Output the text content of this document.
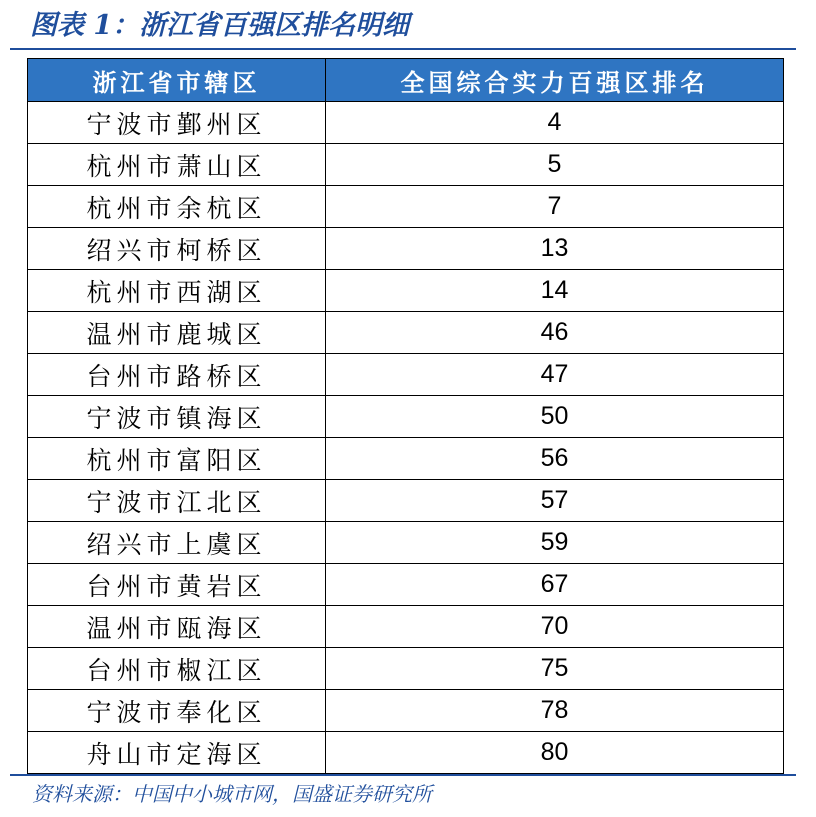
图表 1：浙江省百强区排名明细
浙江省市辖区	全国综合实力百强区排名
宁波市鄞州区	4
杭州市萧山区	5
杭州市余杭区	7
绍兴市柯桥区	13
杭州市西湖区	14
温州市鹿城区	46
台州市路桥区	47
宁波市镇海区	50
杭州市富阳区	56
宁波市江北区	57
绍兴市上虞区	59
台州市黄岩区	67
温州市瓯海区	70
台州市椒江区	75
宁波市奉化区	78
舟山市定海区	80
资料来源：中国中小城市网，国盛证券研究所
